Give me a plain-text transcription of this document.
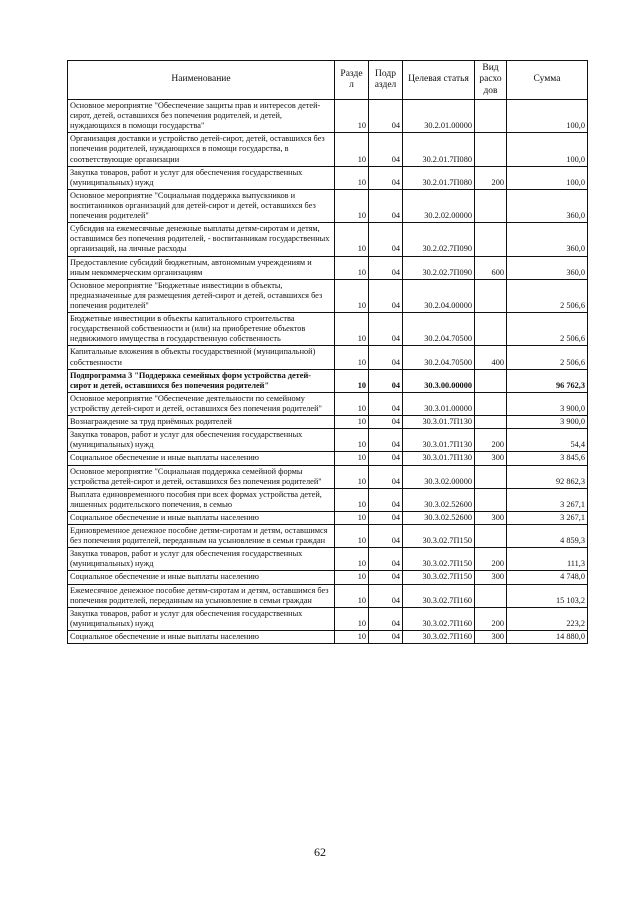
Наименование	Разде л	Подр аздел	Целевая статья	Вид расхо дов	Сумма
Основное мероприятие "Обеспечение защиты прав и интересов детей-сирот, детей, оставшихся без попечения родителей, и детей, нуждающихся в помощи государства"	10	04	30.2.01.00000		100,0
Организация доставки и устройство детей-сирот, детей, оставшихся без попечения родителей, нуждающихся в помощи государства, в соответствующие организации	10	04	30.2.01.7П080		100,0
Закупка товаров, работ и услуг для обеспечения государственных (муниципальных) нужд	10	04	30.2.01.7П080	200	100,0
Основное мероприятие "Социальная поддержка выпускников и воспитанников организаций для детей-сирот и детей, оставшихся без попечения родителей"	10	04	30.2.02.00000		360,0
Субсидия на ежемесячные денежные выплаты детям-сиротам и детям, оставшимся без попечения родителей, - воспитанникам государственных организаций, на личные расходы	10	04	30.2.02.7П090		360,0
Предоставление субсидий бюджетным, автономным учреждениям и иным некоммерческим организациям	10	04	30.2.02.7П090	600	360,0
Основное мероприятие "Бюджетные инвестиции в объекты, предназначенные для размещения детей-сирот и детей, оставшихся без попечения родителей"	10	04	30.2.04.00000		2 506,6
Бюджетные инвестиции в объекты капитального строительства государственной собственности и (или) на приобретение объектов недвижимого имущества в государственную собственность	10	04	30.2.04.70500		2 506,6
Капитальные вложения в объекты государственной (муниципальной) собственности	10	04	30.2.04.70500	400	2 506,6
Подпрограмма 3 "Поддержка семейных форм устройства детей-сирот и детей, оставшихся без попечения родителей"	10	04	30.3.00.00000		96 762,3
Основное мероприятие "Обеспечение деятельности по семейному устройству детей-сирот и детей, оставшихся без попечения родителей"	10	04	30.3.01.00000		3 900,0
Вознаграждение за труд приёмных родителей	10	04	30.3.01.7П130		3 900,0
Закупка товаров, работ и услуг для обеспечения государственных (муниципальных) нужд	10	04	30.3.01.7П130	200	54,4
Социальное обеспечение и иные выплаты населению	10	04	30.3.01.7П130	300	3 845,6
Основное мероприятие "Социальная поддержка семейной формы устройства детей-сирот и детей, оставшихся без попечения родителей"	10	04	30.3.02.00000		92 862,3
Выплата единовременного пособия при всех формах устройства детей, лишенных родительского попечения, в семью	10	04	30.3.02.52600		3 267,1
Социальное обеспечение и иные выплаты населению	10	04	30.3.02.52600	300	3 267,1
Единовременное денежное пособие детям-сиротам и детям, оставшимся без попечения родителей, переданным на усыновление в семьи граждан	10	04	30.3.02.7П150		4 859,3
Закупка товаров, работ и услуг для обеспечения государственных (муниципальных) нужд	10	04	30.3.02.7П150	200	111,3
Социальное обеспечение и иные выплаты населению	10	04	30.3.02.7П150	300	4 748,0
Ежемесячное денежное пособие детям-сиротам и детям, оставшимся без попечения родителей, переданным на усыновление в семьи граждан	10	04	30.3.02.7П160		15 103,2
Закупка товаров, работ и услуг для обеспечения государственных (муниципальных) нужд	10	04	30.3.02.7П160	200	223,2
Социальное обеспечение и иные выплаты населению	10	04	30.3.02.7П160	300	14 880,0
62
